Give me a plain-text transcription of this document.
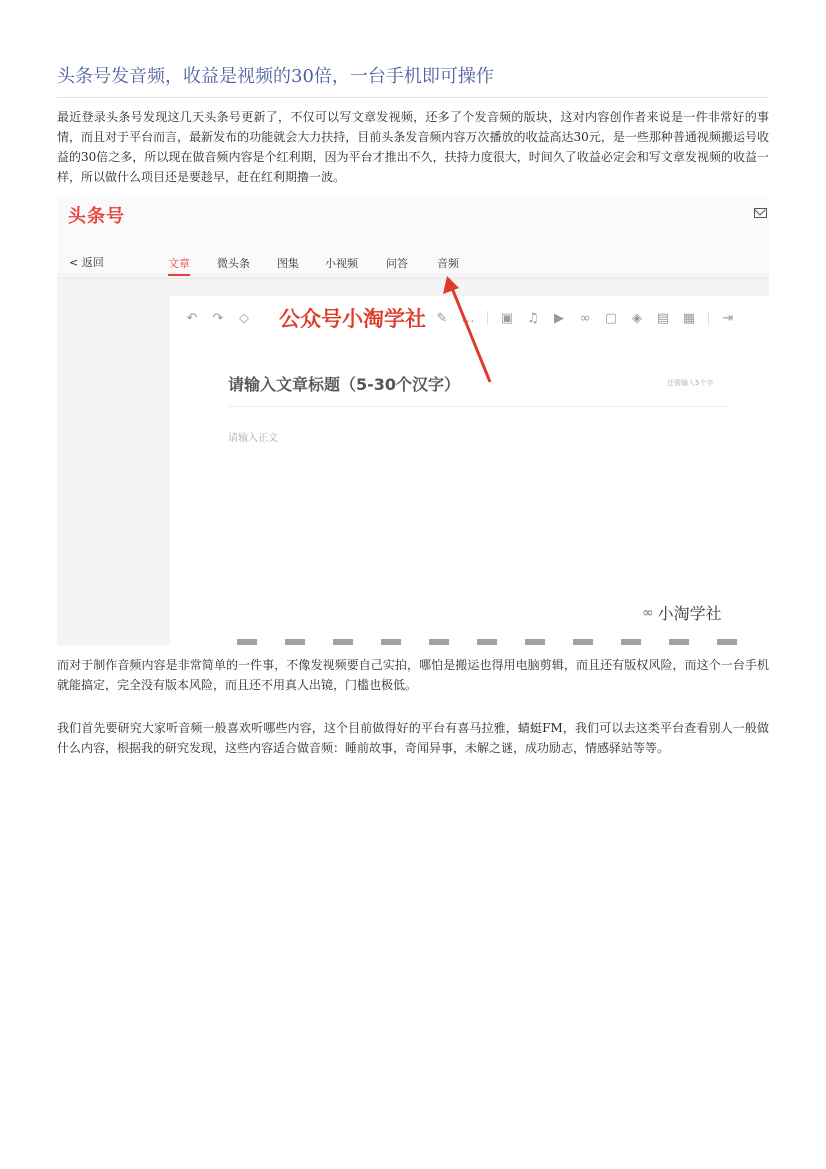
头条号发音频，收益是视频的30倍，一台手机即可操作

最近登录头条号发现这几天头条号更新了，不仅可以写文章发视频，还多了个发音频的版块，这对内容创作者来说是一件非常好的事情，而且对于平台而言，最新发布的功能就会大力扶持，目前头条发音频内容万次播放的收益高达30元，是一些那种普通视频搬运号收益的30倍之多，所以现在做音频内容是个红利期，因为平台才推出不久，扶持力度很大，时间久了收益必定会和写文章发视频的收益一样，所以做什么项目还是要趁早，赶在红利期撸一波。

头条号
< 返回	文章 微头条 图集 小视频	问答	音频
↶ ↷ ◇	✎ … ▣ ♫ ▶ ∞ ▢ ◈ ▤ ▦ ⇥
公众号小淘学社
请输入文章标题（5-30个汉字）	还需输入5个字
请输入正文
∞ 小淘学社

而对于制作音频内容是非常简单的一件事，不像发视频要自己实拍，哪怕是搬运也得用电脑剪辑，而且还有版权风险，而这个一台手机就能搞定，完全没有版本风险，而且还不用真人出镜，门槛也极低。

我们首先要研究大家听音频一般喜欢听哪些内容，这个目前做得好的平台有喜马拉雅，蜻蜓FM，我们可以去这类平台查看别人一般做什么内容，根据我的研究发现，这些内容适合做音频：睡前故事，奇闻异事，未解之谜，成功励志，情感驿站等等。
